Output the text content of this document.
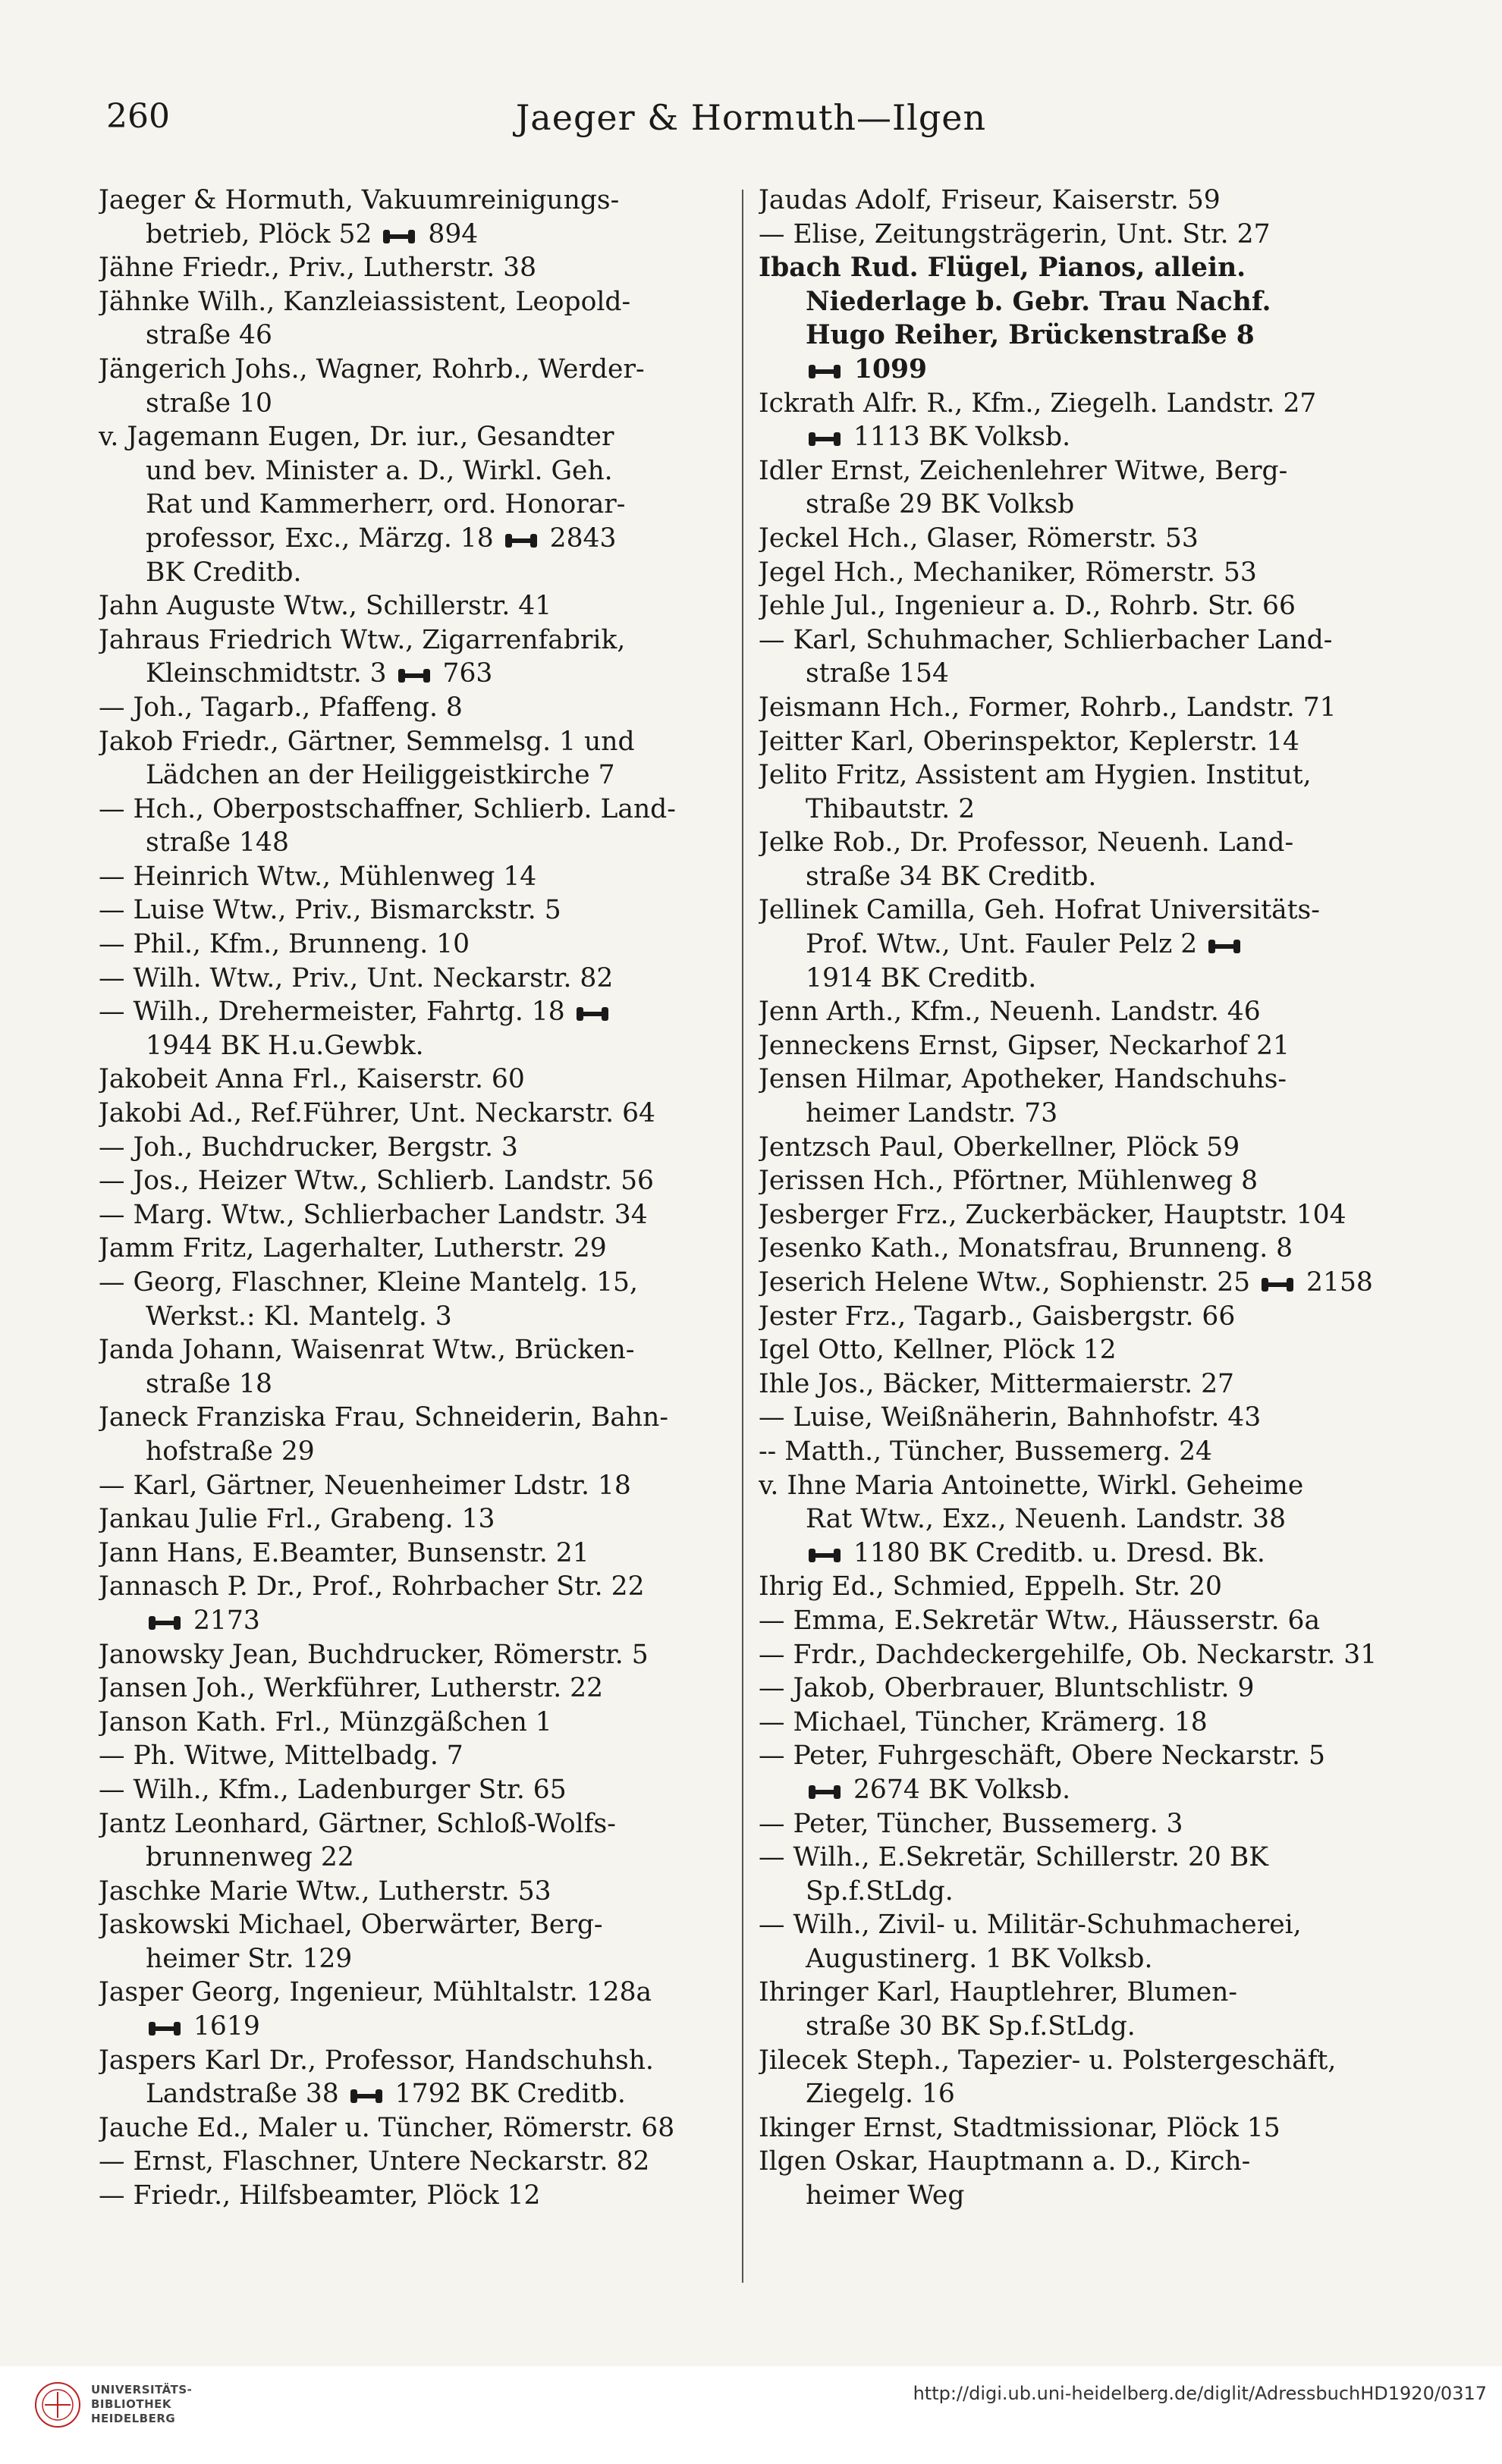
260	Jaeger & Hormuth—Ilgen
Jaeger & Hormuth, Vakuumreinigungs-
betrieb, Plöck 52
894
Jähne Friedr., Priv., Lutherstr. 38
Jähnke Wilh., Kanzleiassistent, Leopold-
straße 46
Jängerich Johs., Wagner, Rohrb., Werder-
straße 10
v. Jagemann Eugen, Dr. iur., Gesandter
und bev. Minister a. D., Wirkl. Geh.
Rat und Kammerherr, ord. Honorar-
professor, Exc., Märzg. 18
2843
BK Creditb.
Jahn Auguste Wtw., Schillerstr. 41
Jahraus Friedrich Wtw., Zigarrenfabrik,
Kleinschmidtstr. 3
763
— Joh., Tagarb., Pfaffeng. 8
Jakob Friedr., Gärtner, Semmelsg. 1 und
Lädchen an der Heiliggeistkirche 7
— Hch., Oberpostschaffner, Schlierb. Land-
straße 148
— Heinrich Wtw., Mühlenweg 14
— Luise Wtw., Priv., Bismarckstr. 5
— Phil., Kfm., Brunneng. 10
— Wilh. Wtw., Priv., Unt. Neckarstr. 82
— Wilh., Drehermeister, Fahrtg. 18
1944 BK H.u.Gewbk.
Jakobeit Anna Frl., Kaiserstr. 60
Jakobi Ad., Ref.Führer, Unt. Neckarstr. 64
— Joh., Buchdrucker, Bergstr. 3
— Jos., Heizer Wtw., Schlierb. Landstr. 56
— Marg. Wtw., Schlierbacher Landstr. 34
Jamm Fritz, Lagerhalter, Lutherstr. 29
— Georg, Flaschner, Kleine Mantelg. 15,
Werkst.: Kl. Mantelg. 3
Janda Johann, Waisenrat Wtw., Brücken-
straße 18
Janeck Franziska Frau, Schneiderin, Bahn-
hofstraße 29
— Karl, Gärtner, Neuenheimer Ldstr. 18
Jankau Julie Frl., Grabeng. 13
Jann Hans, E.Beamter, Bunsenstr. 21
Jannasch P. Dr., Prof., Rohrbacher Str. 22
2173
Janowsky Jean, Buchdrucker, Römerstr. 5
Jansen Joh., Werkführer, Lutherstr. 22
Janson Kath. Frl., Münzgäßchen 1
— Ph. Witwe, Mittelbadg. 7
— Wilh., Kfm., Ladenburger Str. 65
Jantz Leonhard, Gärtner, Schloß-Wolfs-
brunnenweg 22
Jaschke Marie Wtw., Lutherstr. 53
Jaskowski Michael, Oberwärter, Berg-
heimer Str. 129
Jasper Georg, Ingenieur, Mühltalstr. 128a
1619
Jaspers Karl Dr., Professor, Handschuhsh.
Landstraße 38
1792 BK Creditb.
Jauche Ed., Maler u. Tüncher, Römerstr. 68
— Ernst, Flaschner, Untere Neckarstr. 82
— Friedr., Hilfsbeamter, Plöck 12
Jaudas Adolf, Friseur, Kaiserstr. 59
— Elise, Zeitungsträgerin, Unt. Str. 27
Ibach Rud. Flügel, Pianos, allein.
Niederlage b. Gebr. Trau Nachf.
Hugo Reiher, Brückenstraße 8
1099
Ickrath Alfr. R., Kfm., Ziegelh. Landstr. 27
1113 BK Volksb.
Idler Ernst, Zeichenlehrer Witwe, Berg-
straße 29 BK Volksb
Jeckel Hch., Glaser, Römerstr. 53
Jegel Hch., Mechaniker, Römerstr. 53
Jehle Jul., Ingenieur a. D., Rohrb. Str. 66
— Karl, Schuhmacher, Schlierbacher Land-
straße 154
Jeismann Hch., Former, Rohrb., Landstr. 71
Jeitter Karl, Oberinspektor, Keplerstr. 14
Jelito Fritz, Assistent am Hygien. Institut,
Thibautstr. 2
Jelke Rob., Dr. Professor, Neuenh. Land-
straße 34 BK Creditb.
Jellinek Camilla, Geh. Hofrat Universitäts-
Prof. Wtw., Unt. Fauler Pelz 2
1914 BK Creditb.
Jenn Arth., Kfm., Neuenh. Landstr. 46
Jenneckens Ernst, Gipser, Neckarhof 21
Jensen Hilmar, Apotheker, Handschuhs-
heimer Landstr. 73
Jentzsch Paul, Oberkellner, Plöck 59
Jerissen Hch., Pförtner, Mühlenweg 8
Jesberger Frz., Zuckerbäcker, Hauptstr. 104
Jesenko Kath., Monatsfrau, Brunneng. 8
Jeserich Helene Wtw., Sophienstr. 25
2158
Jester Frz., Tagarb., Gaisbergstr. 66
Igel Otto, Kellner, Plöck 12
Ihle Jos., Bäcker, Mittermaierstr. 27
— Luise, Weißnäherin, Bahnhofstr. 43
-- Matth., Tüncher, Bussemerg. 24
v. Ihne Maria Antoinette, Wirkl. Geheime
Rat Wtw., Exz., Neuenh. Landstr. 38
1180 BK Creditb. u. Dresd. Bk.
Ihrig Ed., Schmied, Eppelh. Str. 20
— Emma, E.Sekretär Wtw., Häusserstr. 6a
— Frdr., Dachdeckergehilfe, Ob. Neckarstr. 31
— Jakob, Oberbrauer, Bluntschlistr. 9
— Michael, Tüncher, Krämerg. 18
— Peter, Fuhrgeschäft, Obere Neckarstr. 5
2674 BK Volksb.
— Peter, Tüncher, Bussemerg. 3
— Wilh., E.Sekretär, Schillerstr. 20 BK
Sp.f.StLdg.
— Wilh., Zivil- u. Militär-Schuhmacherei,
Augustinerg. 1 BK Volksb.
Ihringer Karl, Hauptlehrer, Blumen-
straße 30 BK Sp.f.StLdg.
Jilecek Steph., Tapezier- u. Polstergeschäft,
Ziegelg. 16
Ikinger Ernst, Stadtmissionar, Plöck 15
Ilgen Oskar, Hauptmann a. D., Kirch-
heimer Weg
UNIVERSITÄTS-
BIBLIOTHEK
HEIDELBERG
http://digi.ub.uni-heidelberg.de/diglit/AdressbuchHD1920/0317
